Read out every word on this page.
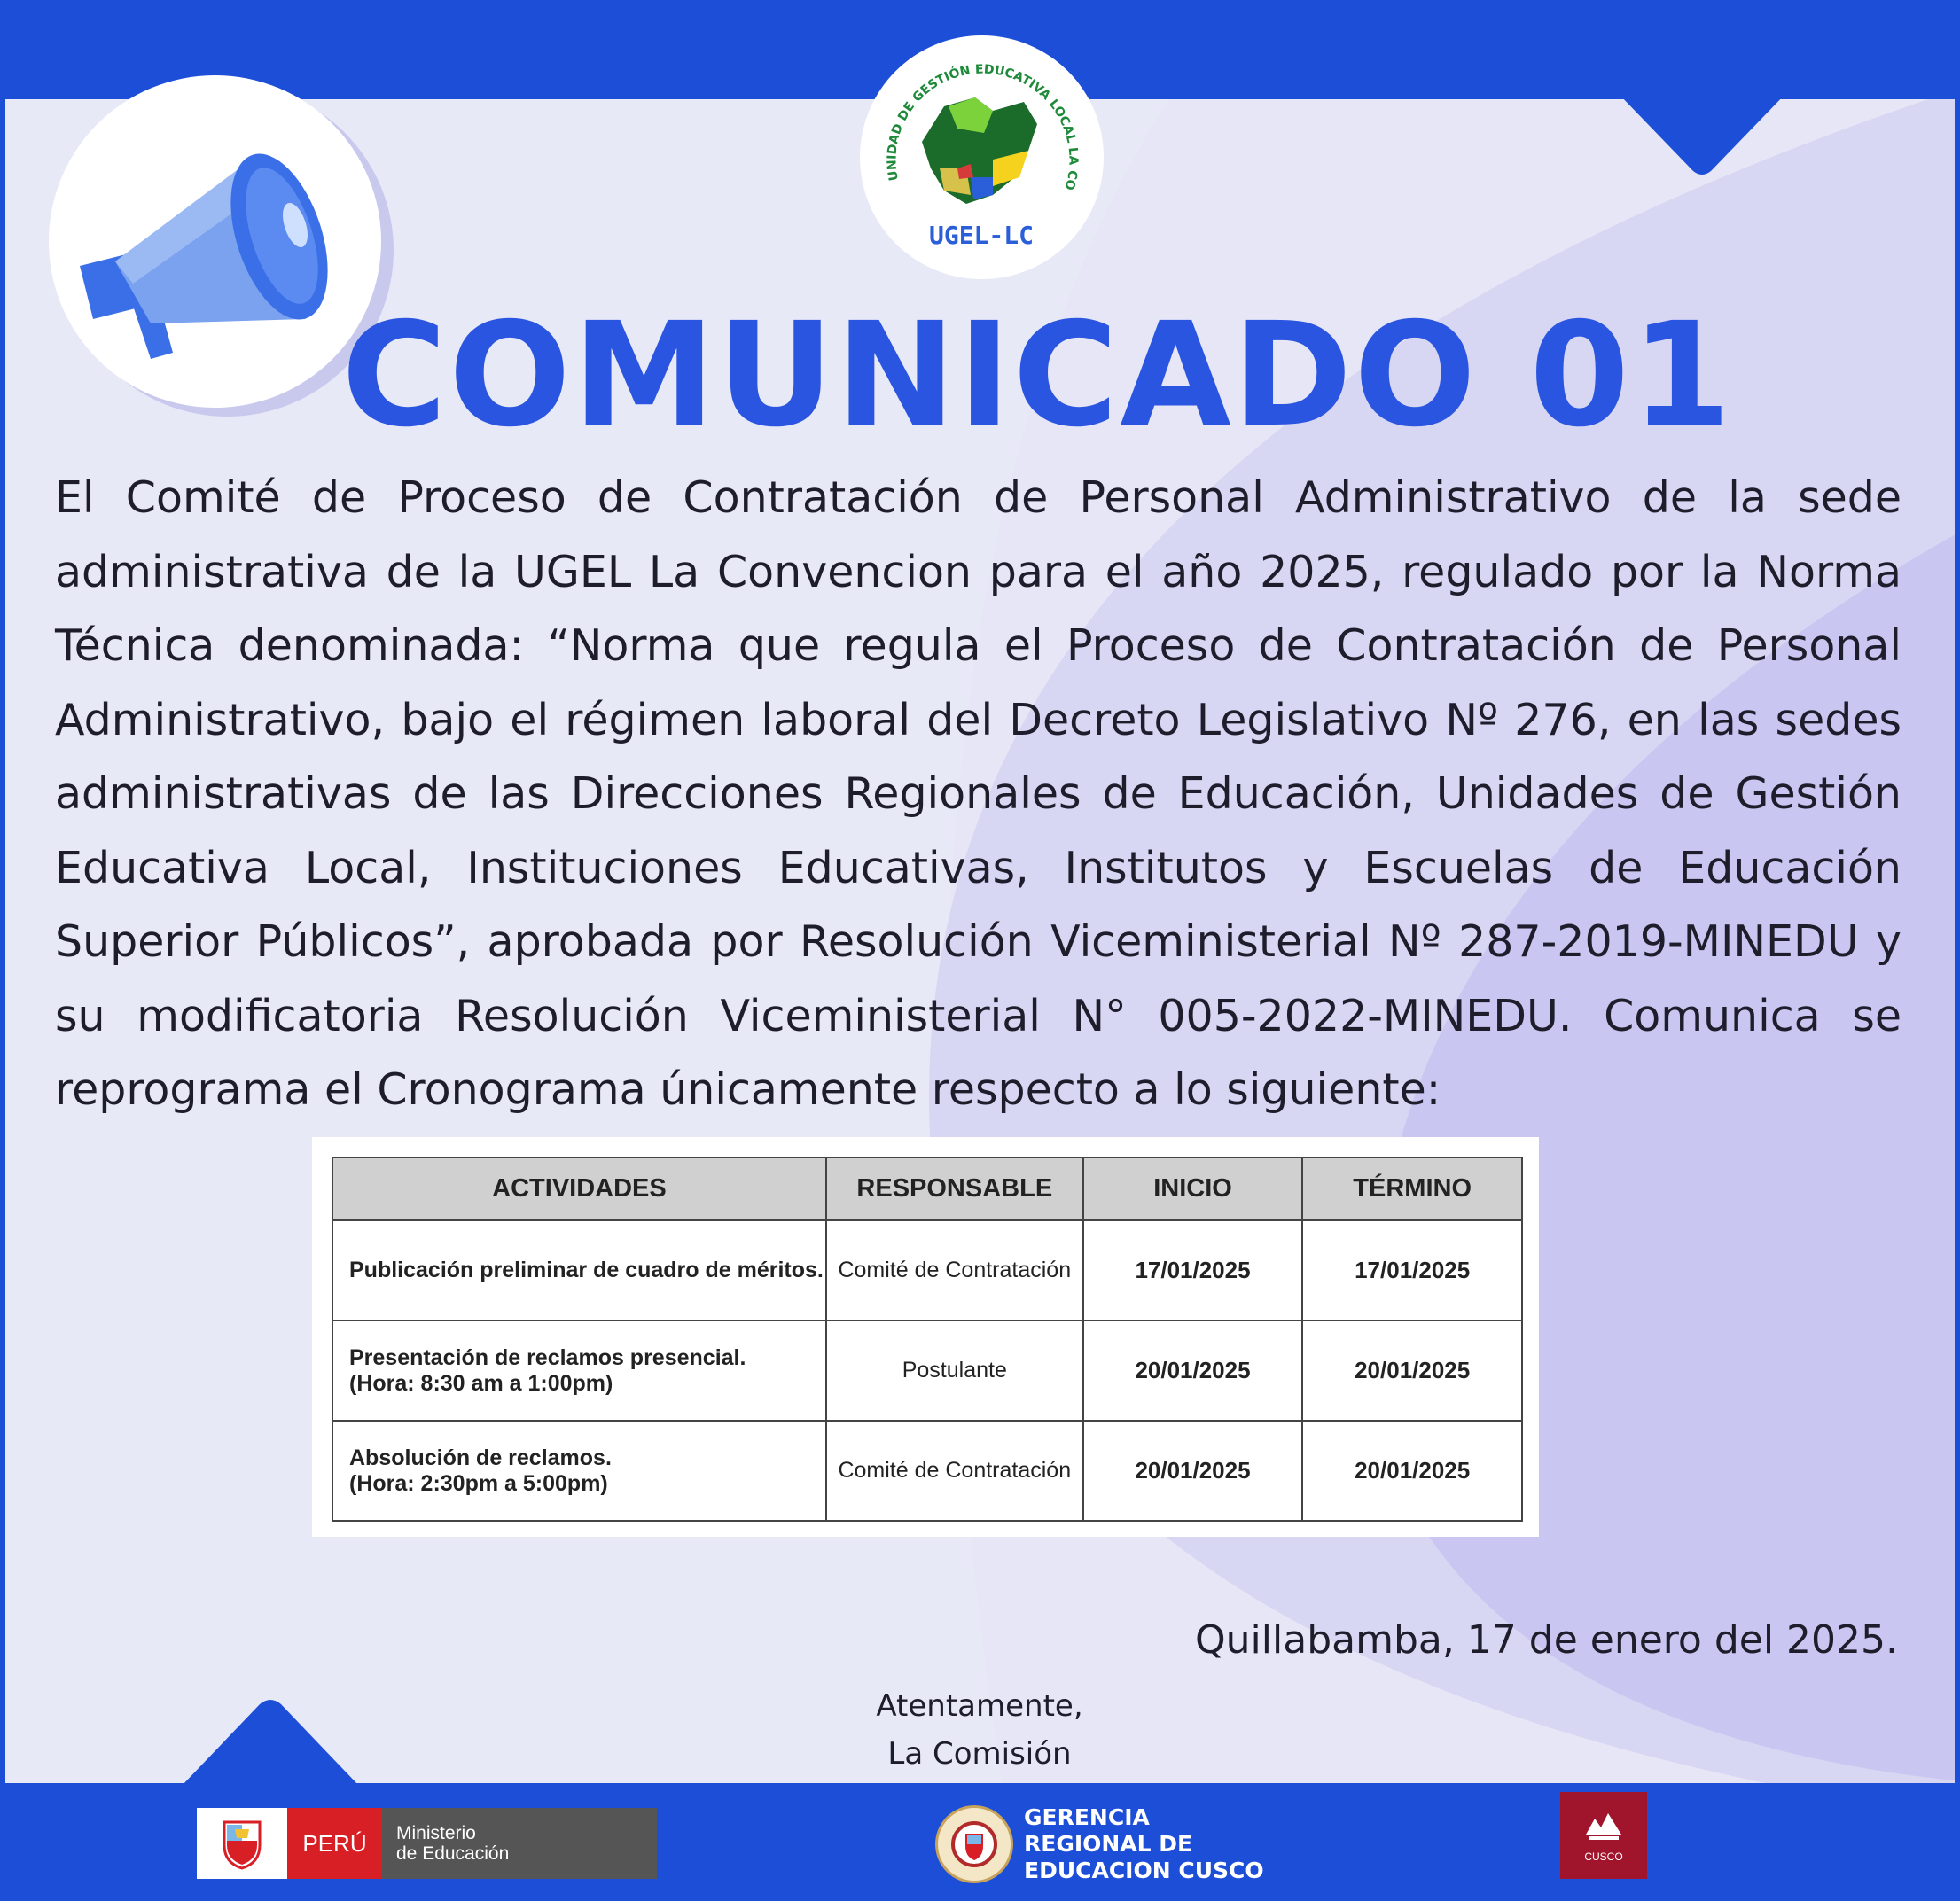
UNIDAD DE GESTIÓN EDUCATIVA LOCAL LA CO
UGEL-LC
COMUNICADO 01

El Comité de Proceso de Contratación de Personal Administrativo de la sede administrativa de la UGEL La Convencion para el año 2025, regulado por la Norma Técnica denominada: “Norma que regula el Proceso de Contratación de Personal Administrativo, bajo el régimen laboral del Decreto Legislativo Nº 276, en las sedes administrativas de las Direcciones Regionales de Educación, Unidades de Gestión Educativa Local, Instituciones Educativas, Institutos y Escuelas de Educación Superior Públicos”, aprobada por Resolución Viceministerial Nº 287-2019-MINEDU y su modificatoria Resolución Viceministerial N° 005-2022-MINEDU. Comunica se reprograma el Cronograma únicamente respecto a lo siguiente:

ACTIVIDADES	RESPONSABLE	INICIO	TÉRMINO

Publicación preliminar de cuadro de méritos.	Comité de Contratación	17/01/2025	17/01/2025

Presentación de reclamos presencial.
(Hora: 8:30 am a 1:00pm)	Postulante	20/01/2025	20/01/2025

Absolución de reclamos.
(Hora: 2:30pm a 5:00pm)	Comité de Contratación	20/01/2025	20/01/2025

Quillabamba, 17 de enero del 2025.

Atentamente,
La Comisión
PERÚ	Ministerio
de Educación
GERENCIA
REGIONAL DE
EDUCACION CUSCO
CUSCO
